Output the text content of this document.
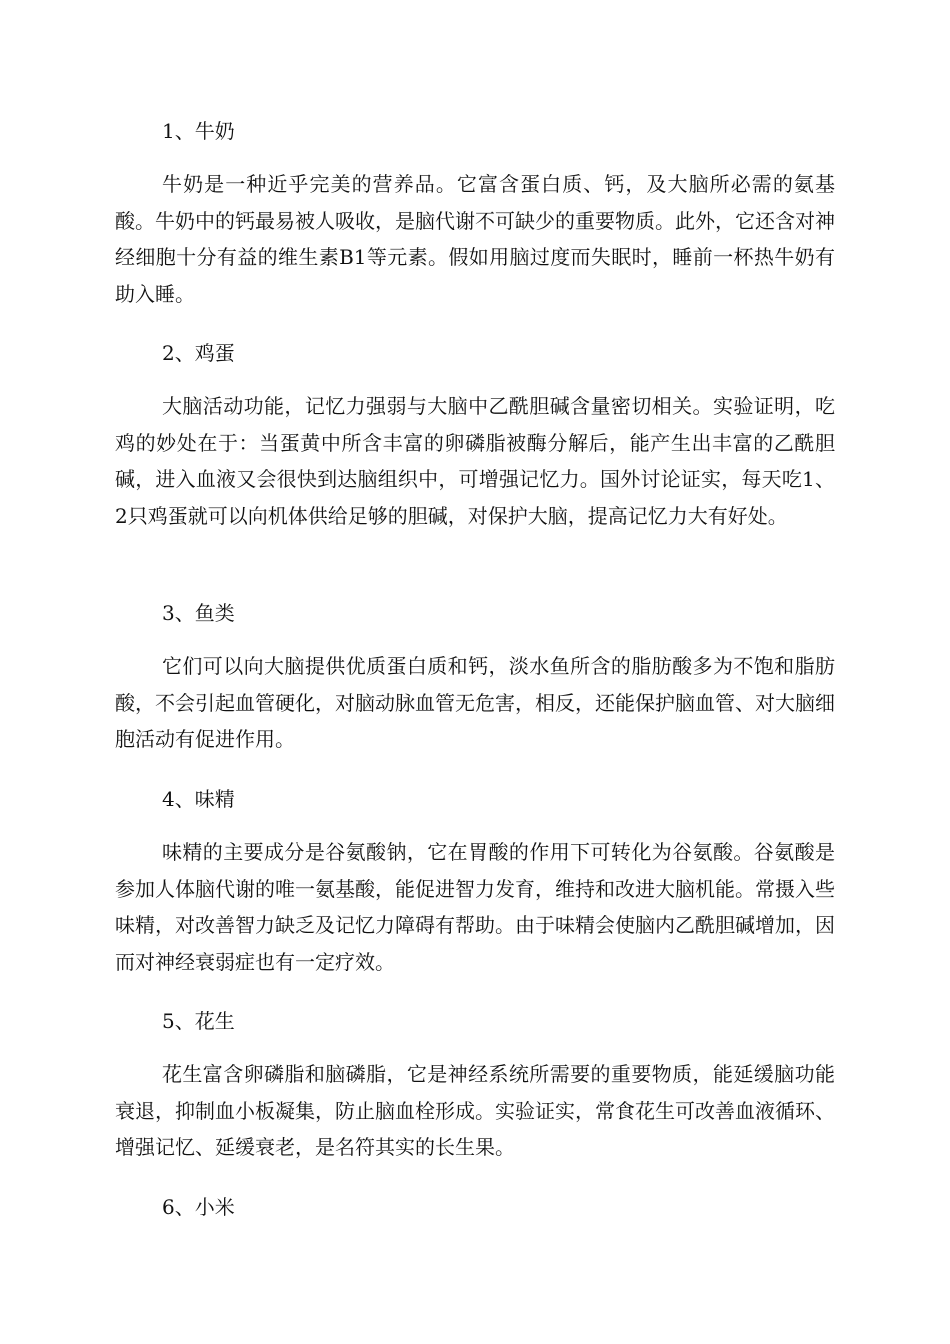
1、牛奶

牛奶是一种近乎完美的营养品。它富含蛋白质、钙，及大脑所必需的氨基酸。牛奶中的钙最易被人吸收，是脑代谢不可缺少的重要物质。此外，它还含对神经细胞十分有益的维生素B1等元素。假如用脑过度而失眠时，睡前一杯热牛奶有助入睡。

2、鸡蛋

大脑活动功能，记忆力强弱与大脑中乙酰胆碱含量密切相关。实验证明，吃鸡的妙处在于：当蛋黄中所含丰富的卵磷脂被酶分解后，能产生出丰富的乙酰胆碱，进入血液又会很快到达脑组织中，可增强记忆力。国外讨论证实，每天吃1、2只鸡蛋就可以向机体供给足够的胆碱，对保护大脑，提高记忆力大有好处。

3、鱼类

它们可以向大脑提供优质蛋白质和钙，淡水鱼所含的脂肪酸多为不饱和脂肪酸，不会引起血管硬化，对脑动脉血管无危害，相反，还能保护脑血管、对大脑细胞活动有促进作用。

4、味精

味精的主要成分是谷氨酸钠，它在胃酸的作用下可转化为谷氨酸。谷氨酸是参加人体脑代谢的唯一氨基酸，能促进智力发育，维持和改进大脑机能。常摄入些味精，对改善智力缺乏及记忆力障碍有帮助。由于味精会使脑内乙酰胆碱增加，因而对神经衰弱症也有一定疗效。

5、花生

花生富含卵磷脂和脑磷脂，它是神经系统所需要的重要物质，能延缓脑功能衰退，抑制血小板凝集，防止脑血栓形成。实验证实，常食花生可改善血液循环、增强记忆、延缓衰老，是名符其实的长生果。

6、小米
